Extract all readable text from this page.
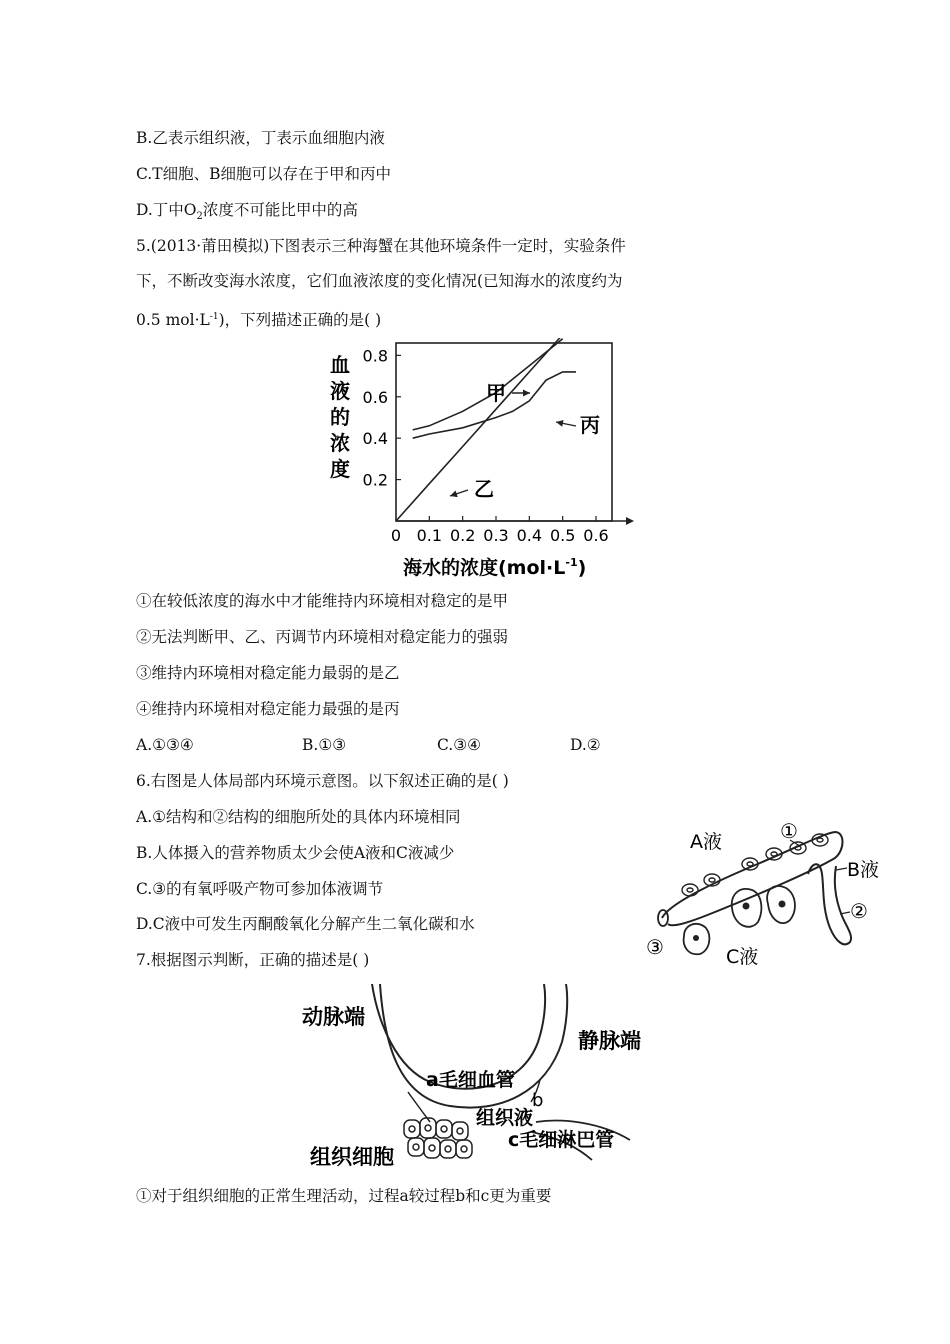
B.乙表示组织液，丁表示血细胞内液
C.T细胞、B细胞可以存在于甲和丙中
D.丁中$O_2$浓度不可能比甲中的高
5.(2013·莆田模拟)下图表示三种海蟹在其他环境条件一定时，实验条件
下，不断改变海水浓度，它们血液浓度的变化情况(已知海水的浓度约为
0.5 $mol\cdot L^{-1}$)，下列描述正确的是( )
0 0.1 0.2 0.3 0.4 0.5 0.6
0.2
0.4
0.6
0.8
血
液
的
浓
度
海水的浓度$(mol\cdot L^{-1})$
甲
乙
丙
①在较低浓度的海水中才能维持内环境相对稳定的是甲
②无法判断甲、乙、丙调节内环境相对稳定能力的强弱
③维持内环境相对稳定能力最弱的是乙
④维持内环境相对稳定能力最强的是丙
A.①③④	B.①③	C.③④	D.②
6.右图是人体局部内环境示意图。以下叙述正确的是( )
A.①结构和②结构的细胞所处的具体内环境相同
B.人体摄入的营养物质太少会使A液和C液减少
C.③的有氧呼吸产物可参加体液调节
D.C液中可发生丙酮酸氧化分解产生二氧化碳和水
A液	①
B液
②
③	C液
7.根据图示判断，正确的描述是( )
动脉端
静脉端
a毛细血管
b
组织液
c毛细淋巴管
组织细胞
①对于组织细胞的正常生理活动，过程a较过程b和c更为重要
